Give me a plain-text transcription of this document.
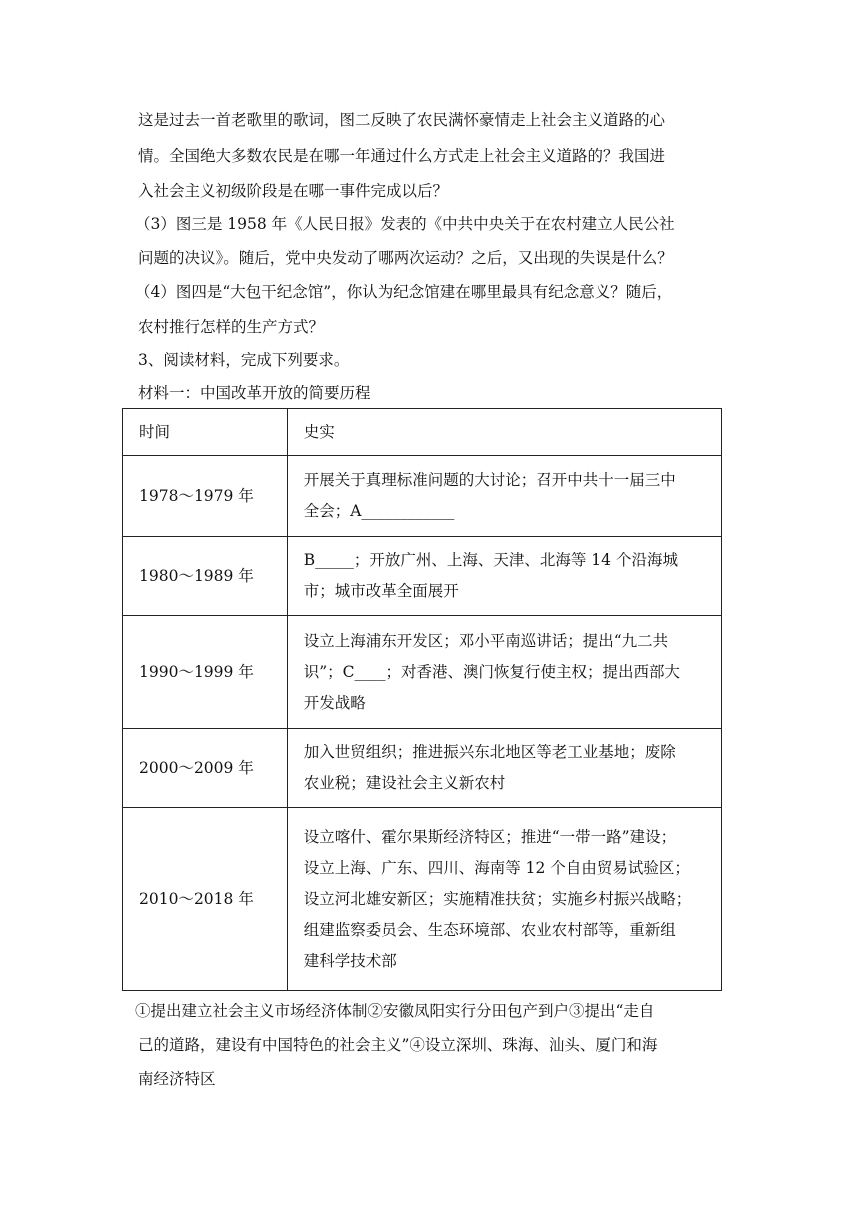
这是过去一首老歌里的歌词，图二反映了农民满怀豪情走上社会主义道路的心
情。全国绝大多数农民是在哪一年通过什么方式走上社会主义道路的？我国进
入社会主义初级阶段是在哪一事件完成以后？
（3）图三是 1958 年《人民日报》发表的《中共中央关于在农村建立人民公社
问题的决议》。随后，党中央发动了哪两次运动？之后，又出现的失误是什么？
（4）图四是“大包干纪念馆”，你认为纪念馆建在哪里最具有纪念意义？随后，
农村推行怎样的生产方式？
3、阅读材料，完成下列要求。
材料一：中国改革开放的简要历程
时间	史实
1978～1979 年	开展关于真理标准问题的大讨论；召开中共十一届三中
全会；A____________

1980～1989 年	B_____；开放广州、上海、天津、北海等 14 个沿海城
市；城市改革全面展开

1990～1999 年	设立上海浦东开发区；邓小平南巡讲话；提出“九二共
识”；C____；对香港、澳门恢复行使主权；提出西部大
开发战略

2000～2009 年	加入世贸组织；推进振兴东北地区等老工业基地；废除
农业税；建设社会主义新农村

2010～2018 年	设立喀什、霍尔果斯经济特区；推进“一带一路”建设；
设立上海、广东、四川、海南等 12 个自由贸易试验区；
设立河北雄安新区；实施精准扶贫；实施乡村振兴战略；
组建监察委员会、生态环境部、农业农村部等，重新组
建科学技术部
①提出建立社会主义市场经济体制②安徽凤阳实行分田包产到户③提出“走自
己的道路，建设有中国特色的社会主义”④设立深圳、珠海、汕头、厦门和海
南经济特区
